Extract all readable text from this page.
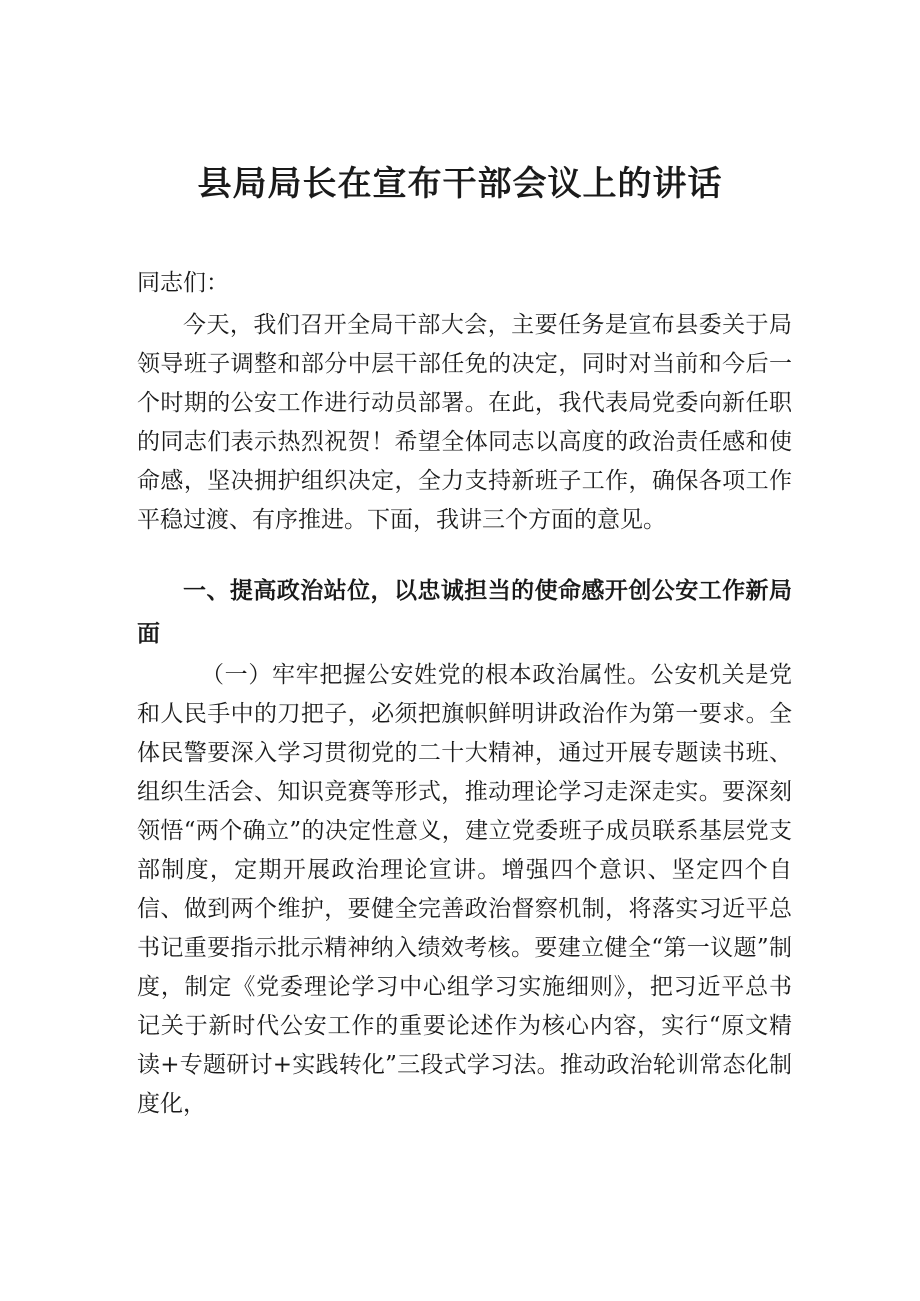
县局局长在宣布干部会议上的讲话

同志们：

今天，我们召开全局干部大会，主要任务是宣布县委关于局领导班子调整和部分中层干部任免的决定，同时对当前和今后一个时期的公安工作进行动员部署。在此，我代表局党委向新任职的同志们表示热烈祝贺！希望全体同志以高度的政治责任感和使命感，坚决拥护组织决定，全力支持新班子工作，确保各项工作平稳过渡、有序推进。下面，我讲三个方面的意见。

一、提高政治站位，以忠诚担当的使命感开创公安工作新局面

（一）牢牢把握公安姓党的根本政治属性。公安机关是党和人民手中的刀把子，必须把旗帜鲜明讲政治作为第一要求。全体民警要深入学习贯彻党的二十大精神，通过开展专题读书班、组织生活会、知识竞赛等形式，推动理论学习走深走实。要深刻领悟“两个确立”的决定性意义，建立党委班子成员联系基层党支部制度，定期开展政治理论宣讲。增强四个意识、坚定四个自信、做到两个维护，要健全完善政治督察机制，将落实习近平总书记重要指示批示精神纳入绩效考核。要建立健全“第一议题”制度，制定《党委理论学习中心组学习实施细则》，把习近平总书记关于新时代公安工作的重要论述作为核心内容，实行“原文精读+专题研讨+实践转化”三段式学习法。推动政治轮训常态化制度化，
